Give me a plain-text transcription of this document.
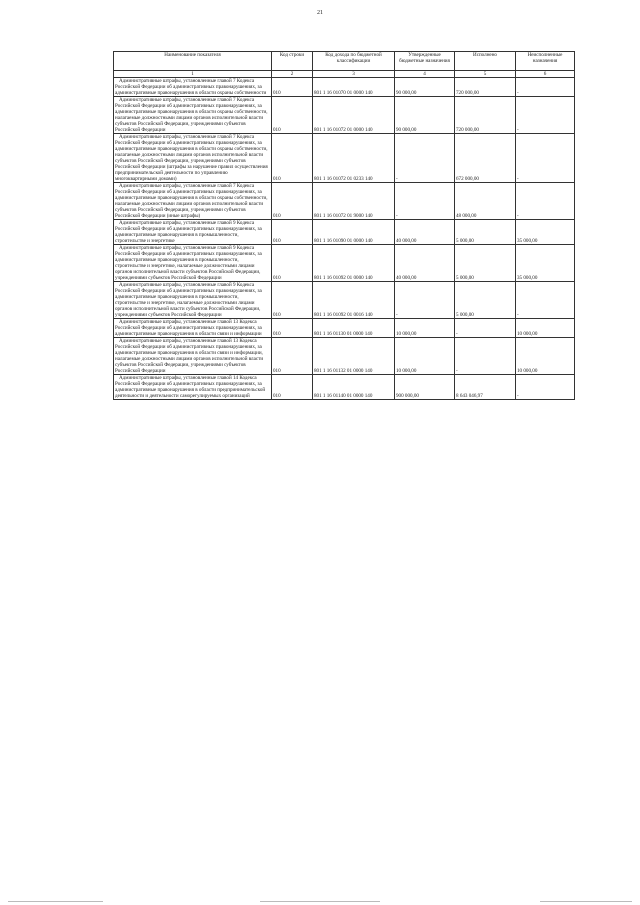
21
Наименование показателя	Код строки	Код дохода по бюджетной классификации	Утвержденные бюджетные назначения	Исполнено	Неисполненные назначения
1	2	3	4	5	6
Административные штрафы, установленные главой 7 Кодекса Российской Федерации об административных правонарушениях, за административные правонарушения в области охраны собственности	010	801 1 16 01070 01 0000 140	90 000,00	720 000,00	-
Административные штрафы, установленные главой 7 Кодекса Российской Федерации об административных правонарушениях, за административные правонарушения в области охраны собственности, налагаемые должностными лицами органов исполнительной власти субъектов Российской Федерации, учреждениями субъектов Российской Федерации	010	801 1 16 01072 01 0000 140	90 000,00	720 000,00	-
Административные штрафы, установленные главой 7 Кодекса Российской Федерации об административных правонарушениях, за административные правонарушения в области охраны собственности, налагаемые должностными лицами органов исполнительной власти субъектов Российской Федерации, учреждениями субъектов Российской Федерации (штрафы за нарушение правил осуществления предпринимательской деятельности по управлению многоквартирными домами)	010	801 1 16 01072 01 0233 140	-	672 000,00	-
Административные штрафы, установленные главой 7 Кодекса Российской Федерации об административных правонарушениях, за административные правонарушения в области охраны собственности, налагаемые должностными лицами органов исполнительной власти субъектов Российской Федерации, учреждениями субъектов Российской Федерации (иные штрафы)	010	801 1 16 01072 01 9000 140	-	48 000,00	-
Административные штрафы, установленные главой 9 Кодекса Российской Федерации об административных правонарушениях, за административные правонарушения в промышленности, строительстве и энергетике	010	801 1 16 01090 01 0000 140	40 000,00	5 000,00	35 000,00
Административные штрафы, установленные главой 9 Кодекса Российской Федерации об административных правонарушениях, за административные правонарушения в промышленности, строительстве и энергетике, налагаемые должностными лицами органов исполнительной власти субъектов Российской Федерации, учреждениями субъектов Российской Федерации	010	801 1 16 01092 01 0000 140	40 000,00	5 000,00	35 000,00
Административные штрафы, установленные главой 9 Кодекса Российской Федерации об административных правонарушениях, за административные правонарушения в промышленности, строительстве и энергетике, налагаемые должностными лицами органов исполнительной власти субъектов Российской Федерации, учреждениями субъектов Российской Федерации	010	801 1 16 01092 01 0016 140	-	5 000,00	-
Административные штрафы, установленные главой 13 Кодекса Российской Федерации об административных правонарушениях, за административные правонарушения в области связи и информации	010	801 1 16 01130 01 0000 140	10 000,00	-	10 000,00
Административные штрафы, установленные главой 13 Кодекса Российской Федерации об административных правонарушениях, за административные правонарушения в области связи и информации, налагаемые должностными лицами органов исполнительной власти субъектов Российской Федерации, учреждениями субъектов Российской Федерации	010	801 1 16 01132 01 0000 140	10 000,00	-	10 000,00
Административные штрафы, установленные главой 14 Кодекса Российской Федерации об административных правонарушениях, за административные правонарушения в области предпринимательской деятельности и деятельности саморегулируемых организаций	010	801 1 16 01140 01 0000 140	900 000,00	8 643 046,97	-
